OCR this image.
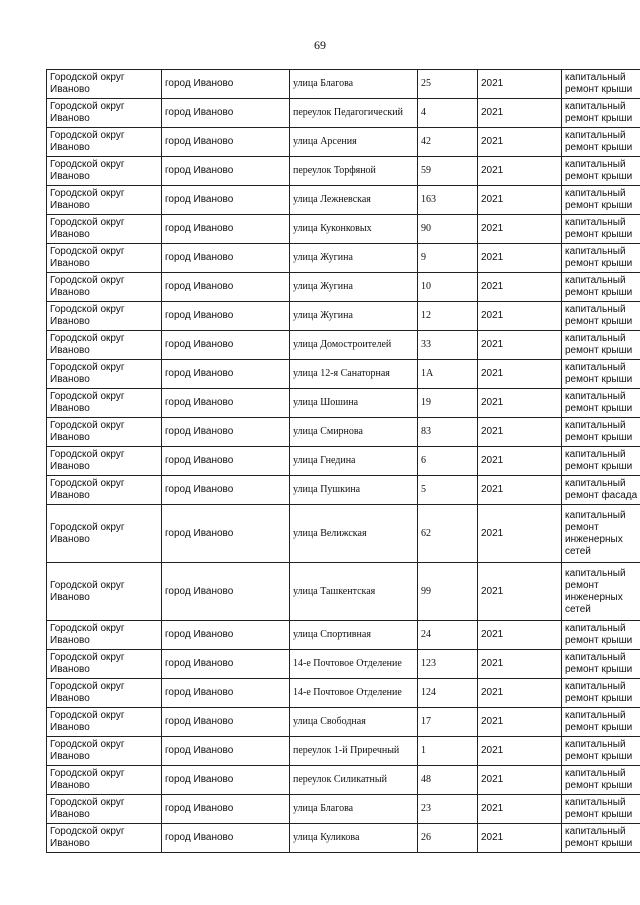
69
Городской округ Иваново	город Иваново	улица Благова	25	2021	капитальный ремонт крыши
Городской округ Иваново	город Иваново	переулок Педагогический	4	2021	капитальный ремонт крыши
Городской округ Иваново	город Иваново	улица Арсения	42	2021	капитальный ремонт крыши
Городской округ Иваново	город Иваново	переулок Торфяной	59	2021	капитальный ремонт крыши
Городской округ Иваново	город Иваново	улица Лежневская	163	2021	капитальный ремонт крыши
Городской округ Иваново	город Иваново	улица Куконковых	90	2021	капитальный ремонт крыши
Городской округ Иваново	город Иваново	улица Жугина	9	2021	капитальный ремонт крыши
Городской округ Иваново	город Иваново	улица Жугина	10	2021	капитальный ремонт крыши
Городской округ Иваново	город Иваново	улица Жугина	12	2021	капитальный ремонт крыши
Городской округ Иваново	город Иваново	улица Домостроителей	33	2021	капитальный ремонт крыши
Городской округ Иваново	город Иваново	улица 12-я Санаторная	1А	2021	капитальный ремонт крыши
Городской округ Иваново	город Иваново	улица Шошина	19	2021	капитальный ремонт крыши
Городской округ Иваново	город Иваново	улица Смирнова	83	2021	капитальный ремонт крыши
Городской округ Иваново	город Иваново	улица Гнедина	6	2021	капитальный ремонт крыши
Городской округ Иваново	город Иваново	улица Пушкина	5	2021	капитальный ремонт фасада
Городской округ Иваново	город Иваново	улица Велижская	62	2021	капитальный ремонт инженерных сетей
Городской округ Иваново	город Иваново	улица Ташкентская	99	2021	капитальный ремонт инженерных сетей
Городской округ Иваново	город Иваново	улица Спортивная	24	2021	капитальный ремонт крыши
Городской округ Иваново	город Иваново	14-е Почтовое Отделение	123	2021	капитальный ремонт крыши
Городской округ Иваново	город Иваново	14-е Почтовое Отделение	124	2021	капитальный ремонт крыши
Городской округ Иваново	город Иваново	улица Свободная	17	2021	капитальный ремонт крыши
Городской округ Иваново	город Иваново	переулок 1-й Приречный	1	2021	капитальный ремонт крыши
Городской округ Иваново	город Иваново	переулок Силикатный	48	2021	капитальный ремонт крыши
Городской округ Иваново	город Иваново	улица Благова	23	2021	капитальный ремонт крыши
Городской округ Иваново	город Иваново	улица Куликова	26	2021	капитальный ремонт крыши
